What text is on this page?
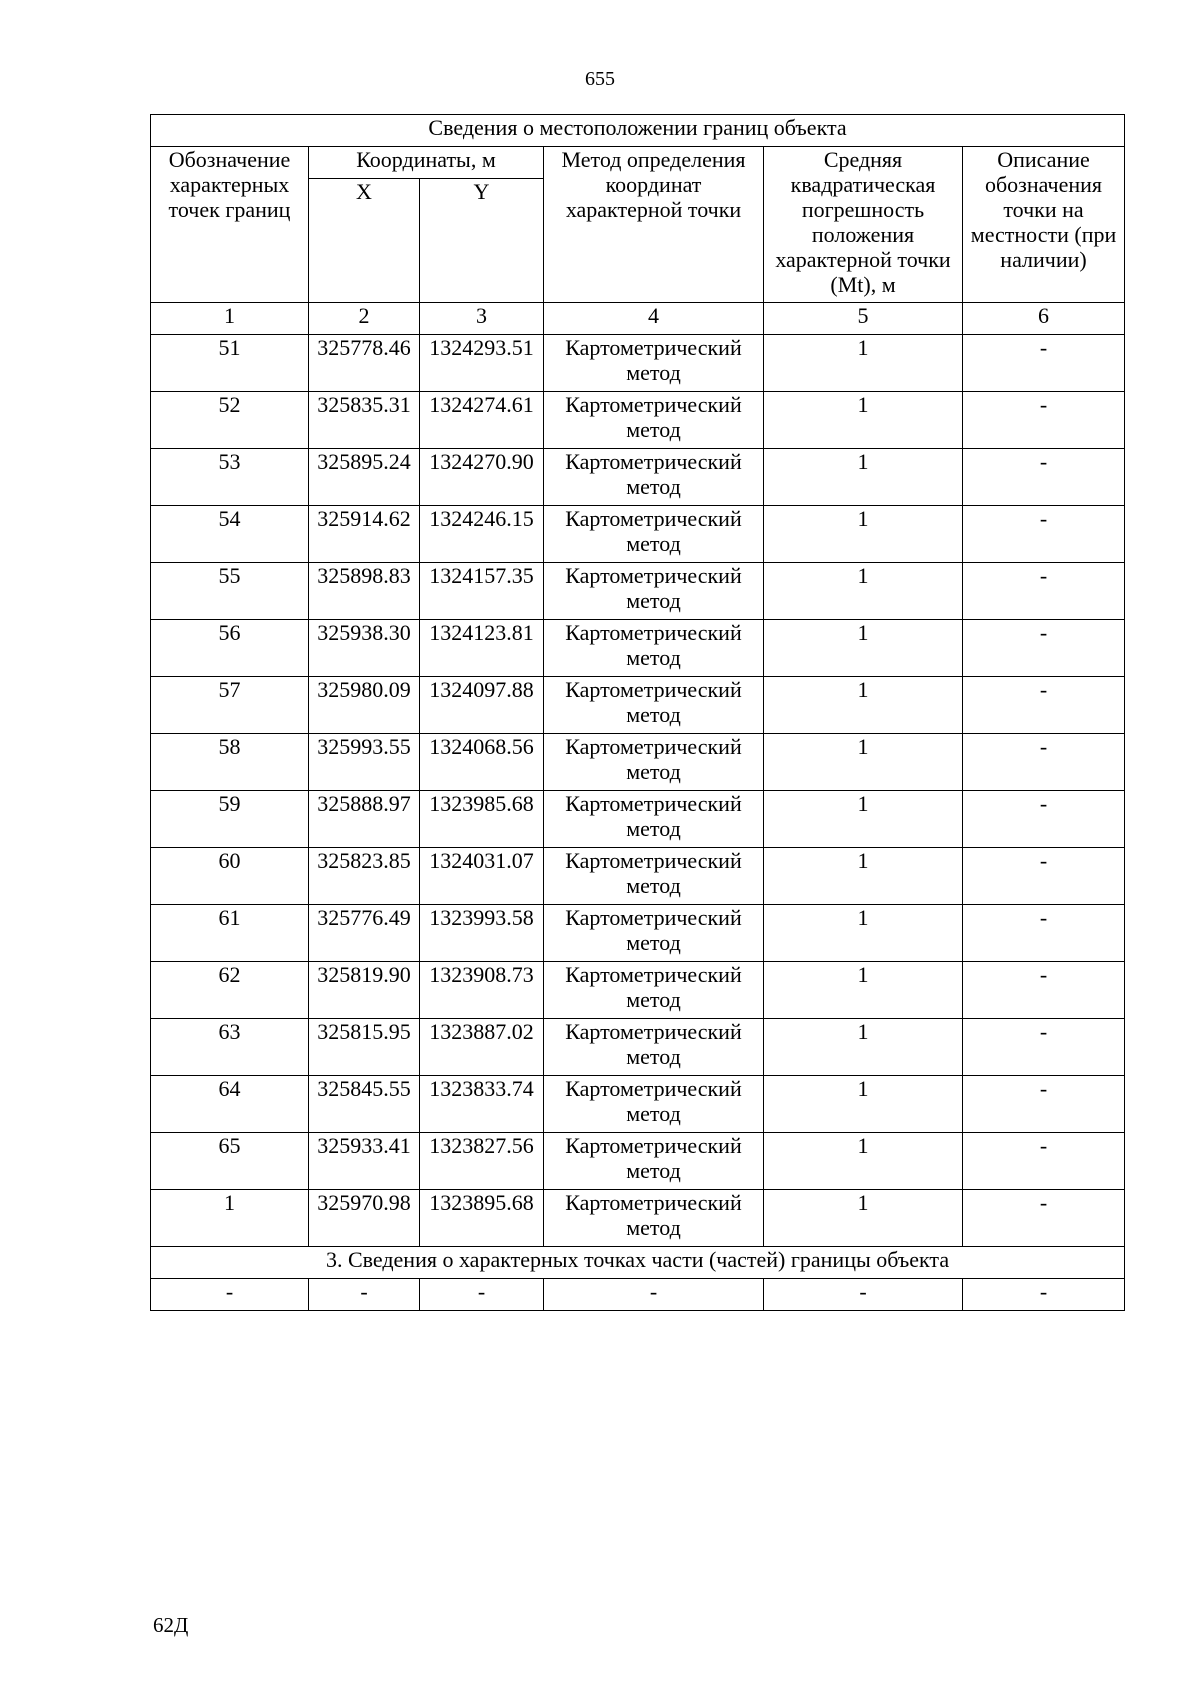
655
Сведения о местоположении границ объекта					
Обозначение характерных точек границ	Координаты, м		Метод определения координат характерной точки	Средняя квадратическая погрешность положения характерной точки (Mt), м	Описание обозначения точки на местности (при наличии)
	X	Y			
1	2	3	4	5	6
51	325778.46	1324293.51	Картометрический метод	1	-
52	325835.31	1324274.61	Картометрический метод	1	-
53	325895.24	1324270.90	Картометрический метод	1	-
54	325914.62	1324246.15	Картометрический метод	1	-
55	325898.83	1324157.35	Картометрический метод	1	-
56	325938.30	1324123.81	Картометрический метод	1	-
57	325980.09	1324097.88	Картометрический метод	1	-
58	325993.55	1324068.56	Картометрический метод	1	-
59	325888.97	1323985.68	Картометрический метод	1	-
60	325823.85	1324031.07	Картометрический метод	1	-
61	325776.49	1323993.58	Картометрический метод	1	-
62	325819.90	1323908.73	Картометрический метод	1	-
63	325815.95	1323887.02	Картометрический метод	1	-
64	325845.55	1323833.74	Картометрический метод	1	-
65	325933.41	1323827.56	Картометрический метод	1	-
1	325970.98	1323895.68	Картометрический метод	1	-
3. Сведения о характерных точках части (частей) границы объекта					
-	-	-	-	-	-
62Д
